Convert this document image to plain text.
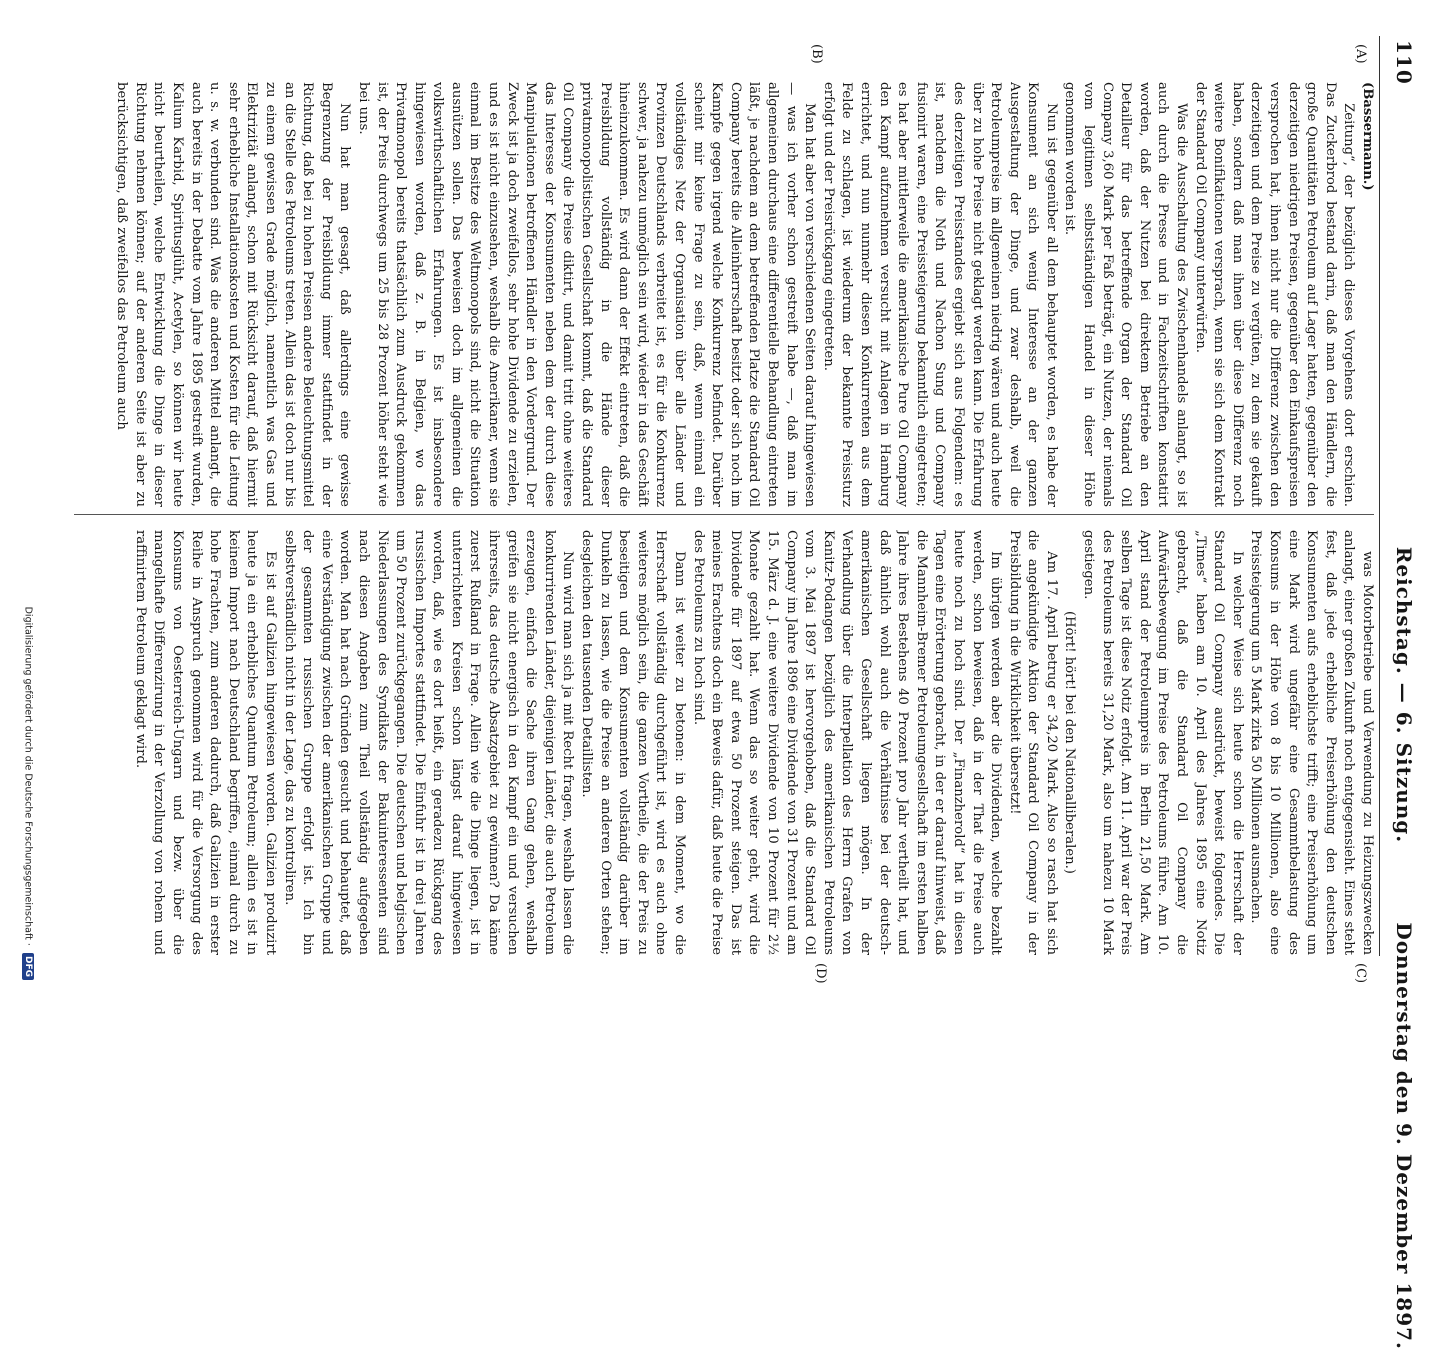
110
Reichstag. — 6. Sitzung.
Donnerstag den 9. Dezember 1897.
(A)
(B)
(C)
(D)

(Bassermann.)

Zeitung“, der bezüglich dieses Vorgehens dort erschien. Das Zuckerbrod bestand darin, daß man den Händlern, die große Quantitäten Petroleum auf Lager hatten, gegenüber den derzeitigen niedrigen Preisen, gegenüber den Einkaufspreisen versprochen hat, ihnen nicht nur die Differenz zwischen den derzeitigen und dem Preise zu vergüten, zu dem sie gekauft haben, sondern daß man ihnen über diese Differenz noch weitere Bonifikationen versprach, wenn sie sich dem Kontrakt der Standard Oil Company unterwürfen.

Was die Ausschaltung des Zwischenhandels anlangt, so ist auch durch die Presse und in Fachzeitschriften konstatirt worden, daß der Nutzen bei direktem Betriebe an den Detailleur für das betreffende Organ der Standard Oil Company 3,60 Mark per Faß beträgt, ein Nutzen, der niemals vom legitimen selbstständigen Handel in dieser Höhe genommen worden ist.

Nun ist gegenüber all dem behauptet worden, es habe der Konsument an sich wenig Interesse an der ganzen Ausgestaltung der Dinge, und zwar deshalb, weil die Petroleumpreise im allgemeinen niedrig wären und auch heute über zu hohe Preise nicht geklagt werden kann. Die Erfahrung des derzeitigen Preisstandes ergiebt sich aus Folgendem: es ist, nachdem die Noth und Nachon Sung und Company fusionirt waren, eine Preissteigerung bekanntlich eingetreten; es hat aber mittlerweile die amerikanische Pure Oil Company den Kampf aufzunehmen versucht mit Anlagen in Hamburg errichtet, und nun nunmehr diesen Konkurrenten aus dem Felde zu schlagen, ist wiederum der bekannte Preissturz erfolgt und der Preisrückgang eingetreten.

Man hat aber von verschiedenen Seiten darauf hingewiesen — was ich vorher schon gestreift habe —, daß man im allgemeinen durchaus eine differentielle Behandlung eintreten läßt, je nachdem an dem betreffenden Platze die Standard Oil Company bereits die Alleinherrschaft besitzt oder sich noch im Kampfe gegen irgend welche Konkurrenz befindet. Darüber scheint mir keine Frage zu sein, daß, wenn einmal ein vollständiges Netz der Organisation über alle Länder und Provinzen Deutschlands verbreitet ist, es für die Konkurrenz schwer, ja nahezu unmöglich sein wird, wieder in das Geschäft hineinzukommen. Es wird dann der Effekt eintreten, daß die Preisbildung vollständig in die Hände dieser privatmonopolistischen Gesellschaft kommt, daß die Standard Oil Company die Preise diktirt, und damit tritt ohne weiteres das Interesse der Konsumenten neben dem der durch diese Manipulationen betroffenen Händler in den Vordergrund. Der Zweck ist ja doch zweifellos, sehr hohe Dividende zu erzielen, und es ist nicht einzusehen, weshalb die Amerikaner, wenn sie einmal im Besitze des Weltmonopols sind, nicht die Situation ausnützen sollen. Das beweisen doch im allgemeinen die volkswirthschaftlichen Erfahrungen. Es ist insbesondere hingewiesen worden, daß z. B. in Belgien, wo das Privatmonopol bereits thatsächlich zum Ausdruck gekommen ist, der Preis durchwegs um 25 bis 28 Prozent höher steht wie bei uns.

Nun hat man gesagt, daß allerdings eine gewisse Begrenzung der Preisbildung immer stattfindet in der Richtung, daß bei zu hohen Preisen andere Beleuchtungsmittel an die Stelle des Petroleums treten. Allein das ist doch nur bis zu einem gewissen Grade möglich, namentlich was Gas und Elektrizität anlangt, schon mit Rücksicht darauf, daß hiermit sehr erhebliche Installationskosten und Kosten für die Leitung u. s. w. verbunden sind. Was die anderen Mittel anlangt, die auch bereits in der Debatte vom Jahre 1895 gestreift wurden, Kalium Karbid, Spiritusglüht, Acetylen, so können wir heute nicht beurtheilen, welche Entwicklung die Dinge in dieser Richtung nehmen können; auf der anderen Seite ist aber zu berücksichtigen, daß zweifellos das Petroleum auch

was Motorbetriebe und Verwendung zu Heizungszwecken anlangt, einer großen Zukunft noch entgegensieht. Eines steht fest, daß jede erhebliche Preiserhöhung den deutschen Konsumenten aufs erheblichste trifft; eine Preiserhöhung um eine Mark wird ungefähr eine Gesammtbelastung des Konsums in der Höhe von 8 bis 10 Millionen, also eine Preissteigerung um 5 Mark zirka 50 Millionen ausmachen.

In welcher Weise sich heute schon die Herrschaft der Standard Oil Company ausdrückt, beweist folgendes. Die „Times“ haben am 10. April des Jahres 1895 eine Notiz gebracht, daß die Standard Oil Company die Aufwärtsbewegung im Preise des Petroleums führe. Am 10. April stand der Petroleumpreis in Berlin 21,50 Mark. Am selben Tage ist diese Notiz erfolgt. Am 11. April war der Preis des Petroleums bereits 31,20 Mark, also um nahezu 10 Mark gestiegen.

(Hört! hört! bei den Nationalliberalen.)

Am 17. April betrug er 34,20 Mark. Also so rasch hat sich die angekündigte Aktion der Standard Oil Company in der Preisbildung in die Wirklichkeit übersetzt!

Im übrigen werden aber die Dividenden, welche bezahlt werden, schon beweisen, daß in der That die Preise auch heute noch zu hoch sind. Der „Finanzherold“ hat in diesen Tagen eine Erörterung gebracht, in der er darauf hinweist, daß die Mannheim-Bremer Petroleumgesellschaft im ersten halben Jahre ihres Bestehens 40 Prozent pro Jahr vertheilt hat, und daß ähnlich wohl auch die Verhältnisse bei der deutsch-amerikanischen Gesellschaft liegen mögen. In der Verhandlung über die Interpellation des Herrn Grafen von Kanitz-Podangen bezüglich des amerikanischen Petroleums vom 3. Mai 1897 ist hervorgehoben, daß die Standard Oil Company im Jahre 1896 eine Dividende von 31 Prozent und am 15. März d. J. eine weitere Dividende von 10 Prozent für 2½ Monate gezahlt hat. Wenn das so weiter geht, wird die Dividende für 1897 auf etwa 50 Prozent steigen. Das ist meines Erachtens doch ein Beweis dafür, daß heute die Preise des Petroleums zu hoch sind.

Dann ist weiter zu betonen: in dem Moment, wo die Herrschaft vollständig durchgeführt ist, wird es auch ohne weiteres möglich sein, die ganzen Vortheile, die der Preis zu beseitigen und dem Konsumenten vollständig darüber im Dunkeln zu lassen, wie die Preise an anderen Orten stehen; desgleichen den tausenden Detaillisten.

Nun wird man sich ja mit Recht fragen, weshalb lassen die konkurrirenden Länder, diejenigen Länder, die auch Petroleum erzeugen, einfach die Sache ihren Gang gehen, weshalb greifen sie nicht energisch in den Kampf ein und versuchen ihrerseits, das deutsche Absatzgebiet zu gewinnen? Da käme zuerst Rußland in Frage. Allein wie die Dinge liegen, ist in unterrichteten Kreisen schon längst darauf hingewiesen worden, daß, wie es dort heißt, ein geradezu Rückgang des russischen Importes stattfindet. Die Einfuhr ist in drei Jahren um 50 Prozent zurückgegangen. Die deutschen und belgischen Niederlassungen des Syndikats der Bakuinteressenten sind nach diesen Angaben zum Theil vollständig aufgegeben worden. Man hat nach Gründen gesucht und behauptet, daß eine Verständigung zwischen der amerikanischen Gruppe und der gesammten russischen Gruppe erfolgt ist. Ich bin selbstverständlich nicht in der Lage, das zu kontroliren.

Es ist auf Galizien hingewiesen worden. Galizien produzirt heute ja ein erhebliches Quantum Petroleum; allein es ist in keinem Import nach Deutschland begriffen, einmal durch zu hohe Frachten, zum anderen dadurch, daß Galizien in erster Reihe in Anspruch genommen wird für die Versorgung des Konsums von Oesterreich-Ungarn und bezw. über die mangelhafte Differenzirung in der Verzollung von rohem und raffinirtem Petroleum geklagt wird.

Digitalisierung gefördert durch die Deutsche Forschungsgemeinschaft · DFG
